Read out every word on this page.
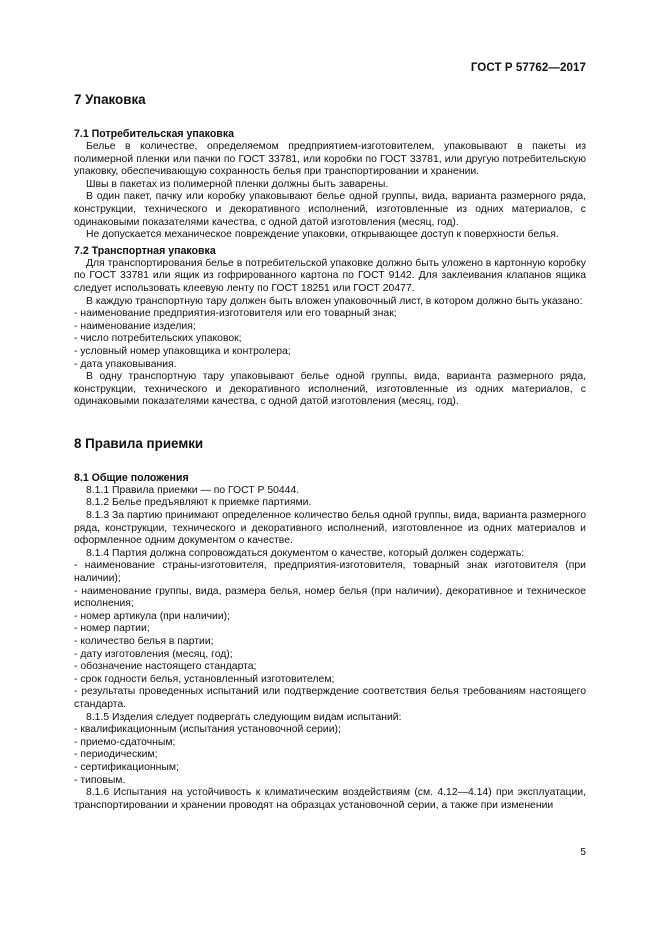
ГОСТ Р 57762—2017
7 Упаковка
7.1 Потребительская упаковка

Белье в количестве, определяемом предприятием-изготовителем, упаковывают в пакеты из полимерной пленки или пачки по ГОСТ 33781, или коробки по ГОСТ 33781, или другую потребительскую упаковку, обеспечивающую сохранность белья при транспортировании и хранении.

Швы в пакетах из полимерной пленки должны быть заварены.

В один пакет, пачку или коробку упаковывают белье одной группы, вида, варианта размерного ряда, конструкции, технического и декоративного исполнений, изготовленные из одних материалов, с одинаковыми показателями качества, с одной датой изготовления (месяц, год).

Не допускается механическое повреждение упаковки, открывающее доступ к поверхности белья.

7.2 Транспортная упаковка

Для транспортирования белье в потребительской упаковке должно быть уложено в картонную коробку по ГОСТ 33781 или ящик из гофрированного картона по ГОСТ 9142. Для заклеивания клапанов ящика следует использовать клеевую ленту по ГОСТ 18251 или ГОСТ 20477.

В каждую транспортную тару должен быть вложен упаковочный лист, в котором должно быть указано:

- наименование предприятия-изготовителя или его товарный знак;

- наименование изделия;

- число потребительских упаковок;

- условный номер упаковщика и контролера;

- дата упаковывания.

В одну транспортную тару упаковывают белье одной группы, вида, варианта размерного ряда, конструкции, технического и декоративного исполнений, изготовленные из одних материалов, с одинаковыми показателями качества, с одной датой изготовления (месяц, год).

8 Правила приемки
8.1 Общие положения

8.1.1 Правила приемки — по ГОСТ Р 50444.

8.1.2 Белье предъявляют к приемке партиями.

8.1.3 За партию принимают определенное количество белья одной группы, вида, варианта размерного ряда, конструкции, технического и декоративного исполнений, изготовленное из одних материалов и оформленное одним документом о качестве.

8.1.4 Партия должна сопровождаться документом о качестве, который должен содержать:

- наименование страны-изготовителя, предприятия-изготовителя, товарный знак изготовителя (при наличии);

- наименование группы, вида, размера белья, номер белья (при наличии), декоративное и техническое исполнения;

- номер артикула (при наличии);

- номер партии;

- количество белья в партии;

- дату изготовления (месяц, год);

- обозначение настоящего стандарта;

- срок годности белья, установленный изготовителем;

- результаты проведенных испытаний или подтверждение соответствия белья требованиям настоящего стандарта.

8.1.5 Изделия следует подвергать следующим видам испытаний:

- квалификационным (испытания установочной серии);

- приемо-сдаточным;

- периодическим;

- сертификационным;

- типовым.

8.1.6 Испытания на устойчивость к климатическим воздействиям (см. 4.12—4.14) при эксплуатации, транспортировании и хранении проводят на образцах установочной серии, а также при изменении

5
